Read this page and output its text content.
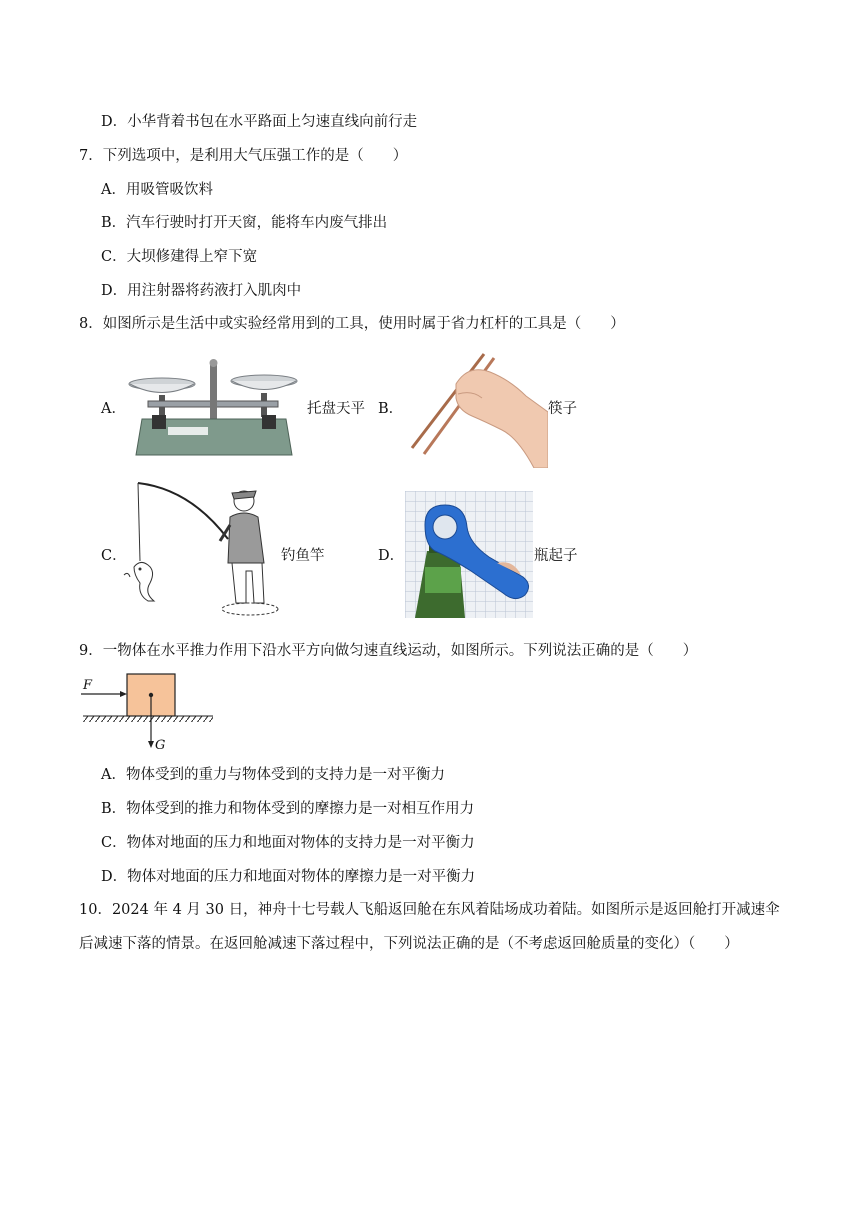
D．小华背着书包在水平路面上匀速直线向前行走
7．下列选项中，是利用大气压强工作的是（　　）
A．用吸管吸饮料
B．汽车行驶时打开天窗，能将车内废气排出
C．大坝修建得上窄下宽
D．用注射器将药液打入肌肉中
8．如图所示是生活中或实验经常用到的工具，使用时属于省力杠杆的工具是（　　）
A．	托盘天平 B．	筷子
C．	钓鱼竿	D．	瓶起子
9．一物体在水平推力作用下沿水平方向做匀速直线运动，如图所示。下列说法正确的是（　　）
F
G
A．物体受到的重力与物体受到的支持力是一对平衡力
B．物体受到的推力和物体受到的摩擦力是一对相互作用力
C．物体对地面的压力和地面对物体的支持力是一对平衡力
D．物体对地面的压力和地面对物体的摩擦力是一对平衡力
10．2024 年 4 月 30 日，神舟十七号载人飞船返回舱在东风着陆场成功着陆。如图所示是返回舱打开减速伞
后减速下落的情景。在返回舱减速下落过程中，下列说法正确的是（不考虑返回舱质量的变化）（　　）
